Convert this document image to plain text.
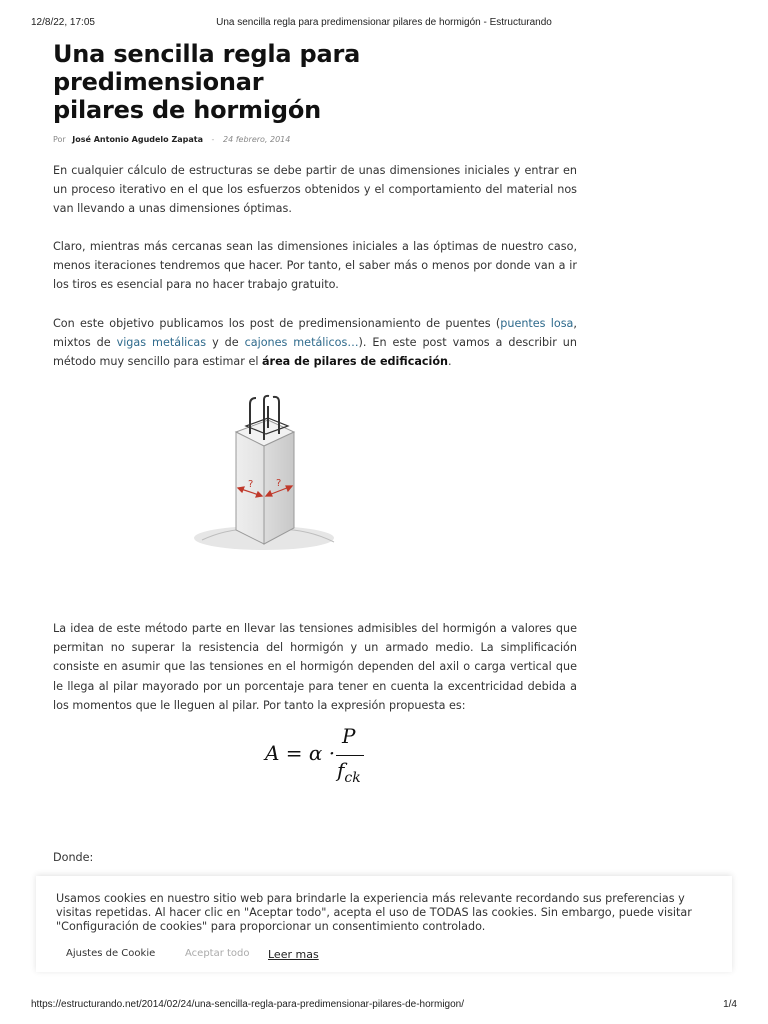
12/8/22, 17:05	Una sencilla regla para predimensionar pilares de hormigón - Estructurando
Una sencilla regla para predimensionar
pilares de hormigón
Por José Antonio Agudelo Zapata - 24 febrero, 2014

En cualquier cálculo de estructuras se debe partir de unas dimensiones iniciales y entrar en un proceso iterativo en el que los esfuerzos obtenidos y el comportamiento del material nos van llevando a unas dimensiones óptimas.

Claro, mientras más cercanas sean las dimensiones iniciales a las óptimas de nuestro caso, menos iteraciones tendremos que hacer. Por tanto, el saber más o menos por donde van a ir los tiros es esencial para no hacer trabajo gratuito.

Con este objetivo publicamos los post de predimensionamiento de puentes (puentes losa, mixtos de vigas metálicas y de cajones metálicos…). En este post vamos a describir un método muy sencillo para estimar el área de pilares de edificación.

? ?

La idea de este método parte en llevar las tensiones admisibles del hormigón a valores que permitan no superar la resistencia del hormigón y un armado medio. La simplificación consiste en asumir que las tensiones en el hormigón dependen del axil o carga vertical que le llega al pilar mayorado por un porcentaje para tener en cuenta la excentricidad debida a los momentos que le lleguen al pilar. Por tanto la expresión propuesta es:

A = α ·
P
$f_{ck}$

Donde:

Usamos cookies en nuestro sitio web para brindarle la experiencia más relevante recordando sus preferencias y visitas repetidas. Al hacer clic en "Aceptar todo", acepta el uso de TODAS las cookies. Sin embargo, puede visitar "Configuración de cookies" para proporcionar un consentimiento controlado.
Ajustes de Cookie	Aceptar todo Leer mas
https://estructurando.net/2014/02/24/una-sencilla-regla-para-predimensionar-pilares-de-hormigon/	1/4
